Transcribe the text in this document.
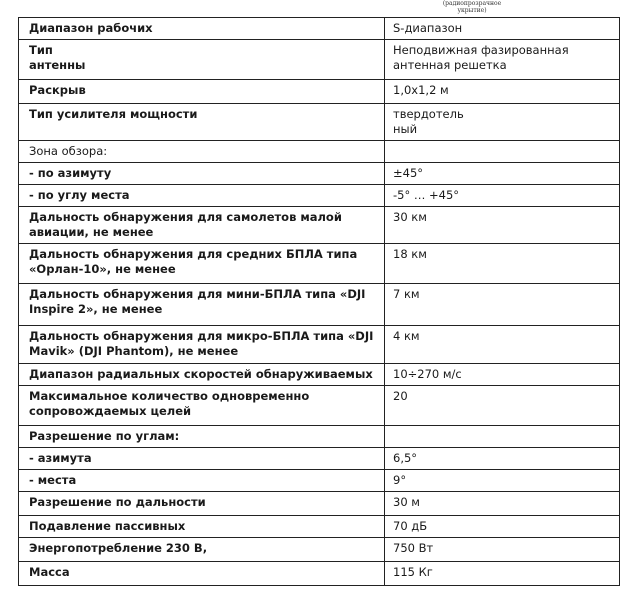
(радиопрозрачное
укрытие)
Диапазон рабочих	S-диапазон
Тип
антенны	Неподвижная фазированная
антенная решетка
Раскрыв	1,0х1,2 м
Тип усилителя мощности	твердотель
ный
Зона обзора:	
- по азимуту	±45°
- по углу места	-5° … +45°
Дальность обнаружения для самолетов малой
авиации, не менее	30 км
Дальность обнаружения для средних БПЛА типа
«Орлан-10», не менее	18 км
Дальность обнаружения для мини-БПЛА типа «DJI
Inspire 2», не менее	7 км
Дальность обнаружения для микро-БПЛА типа «DJI
Mavik» (DJI Phantom), не менее	4 км
Диапазон радиальных скоростей обнаруживаемых	10÷270 м/с
Максимальное количество одновременно
сопровождаемых целей	20
Разрешение по углам:	
- азимута	6,5°
- места	9°
Разрешение по дальности	30 м
Подавление пассивных	70 дБ
Энергопотребление 230 В,	750 Вт
Масса	115 Кг
